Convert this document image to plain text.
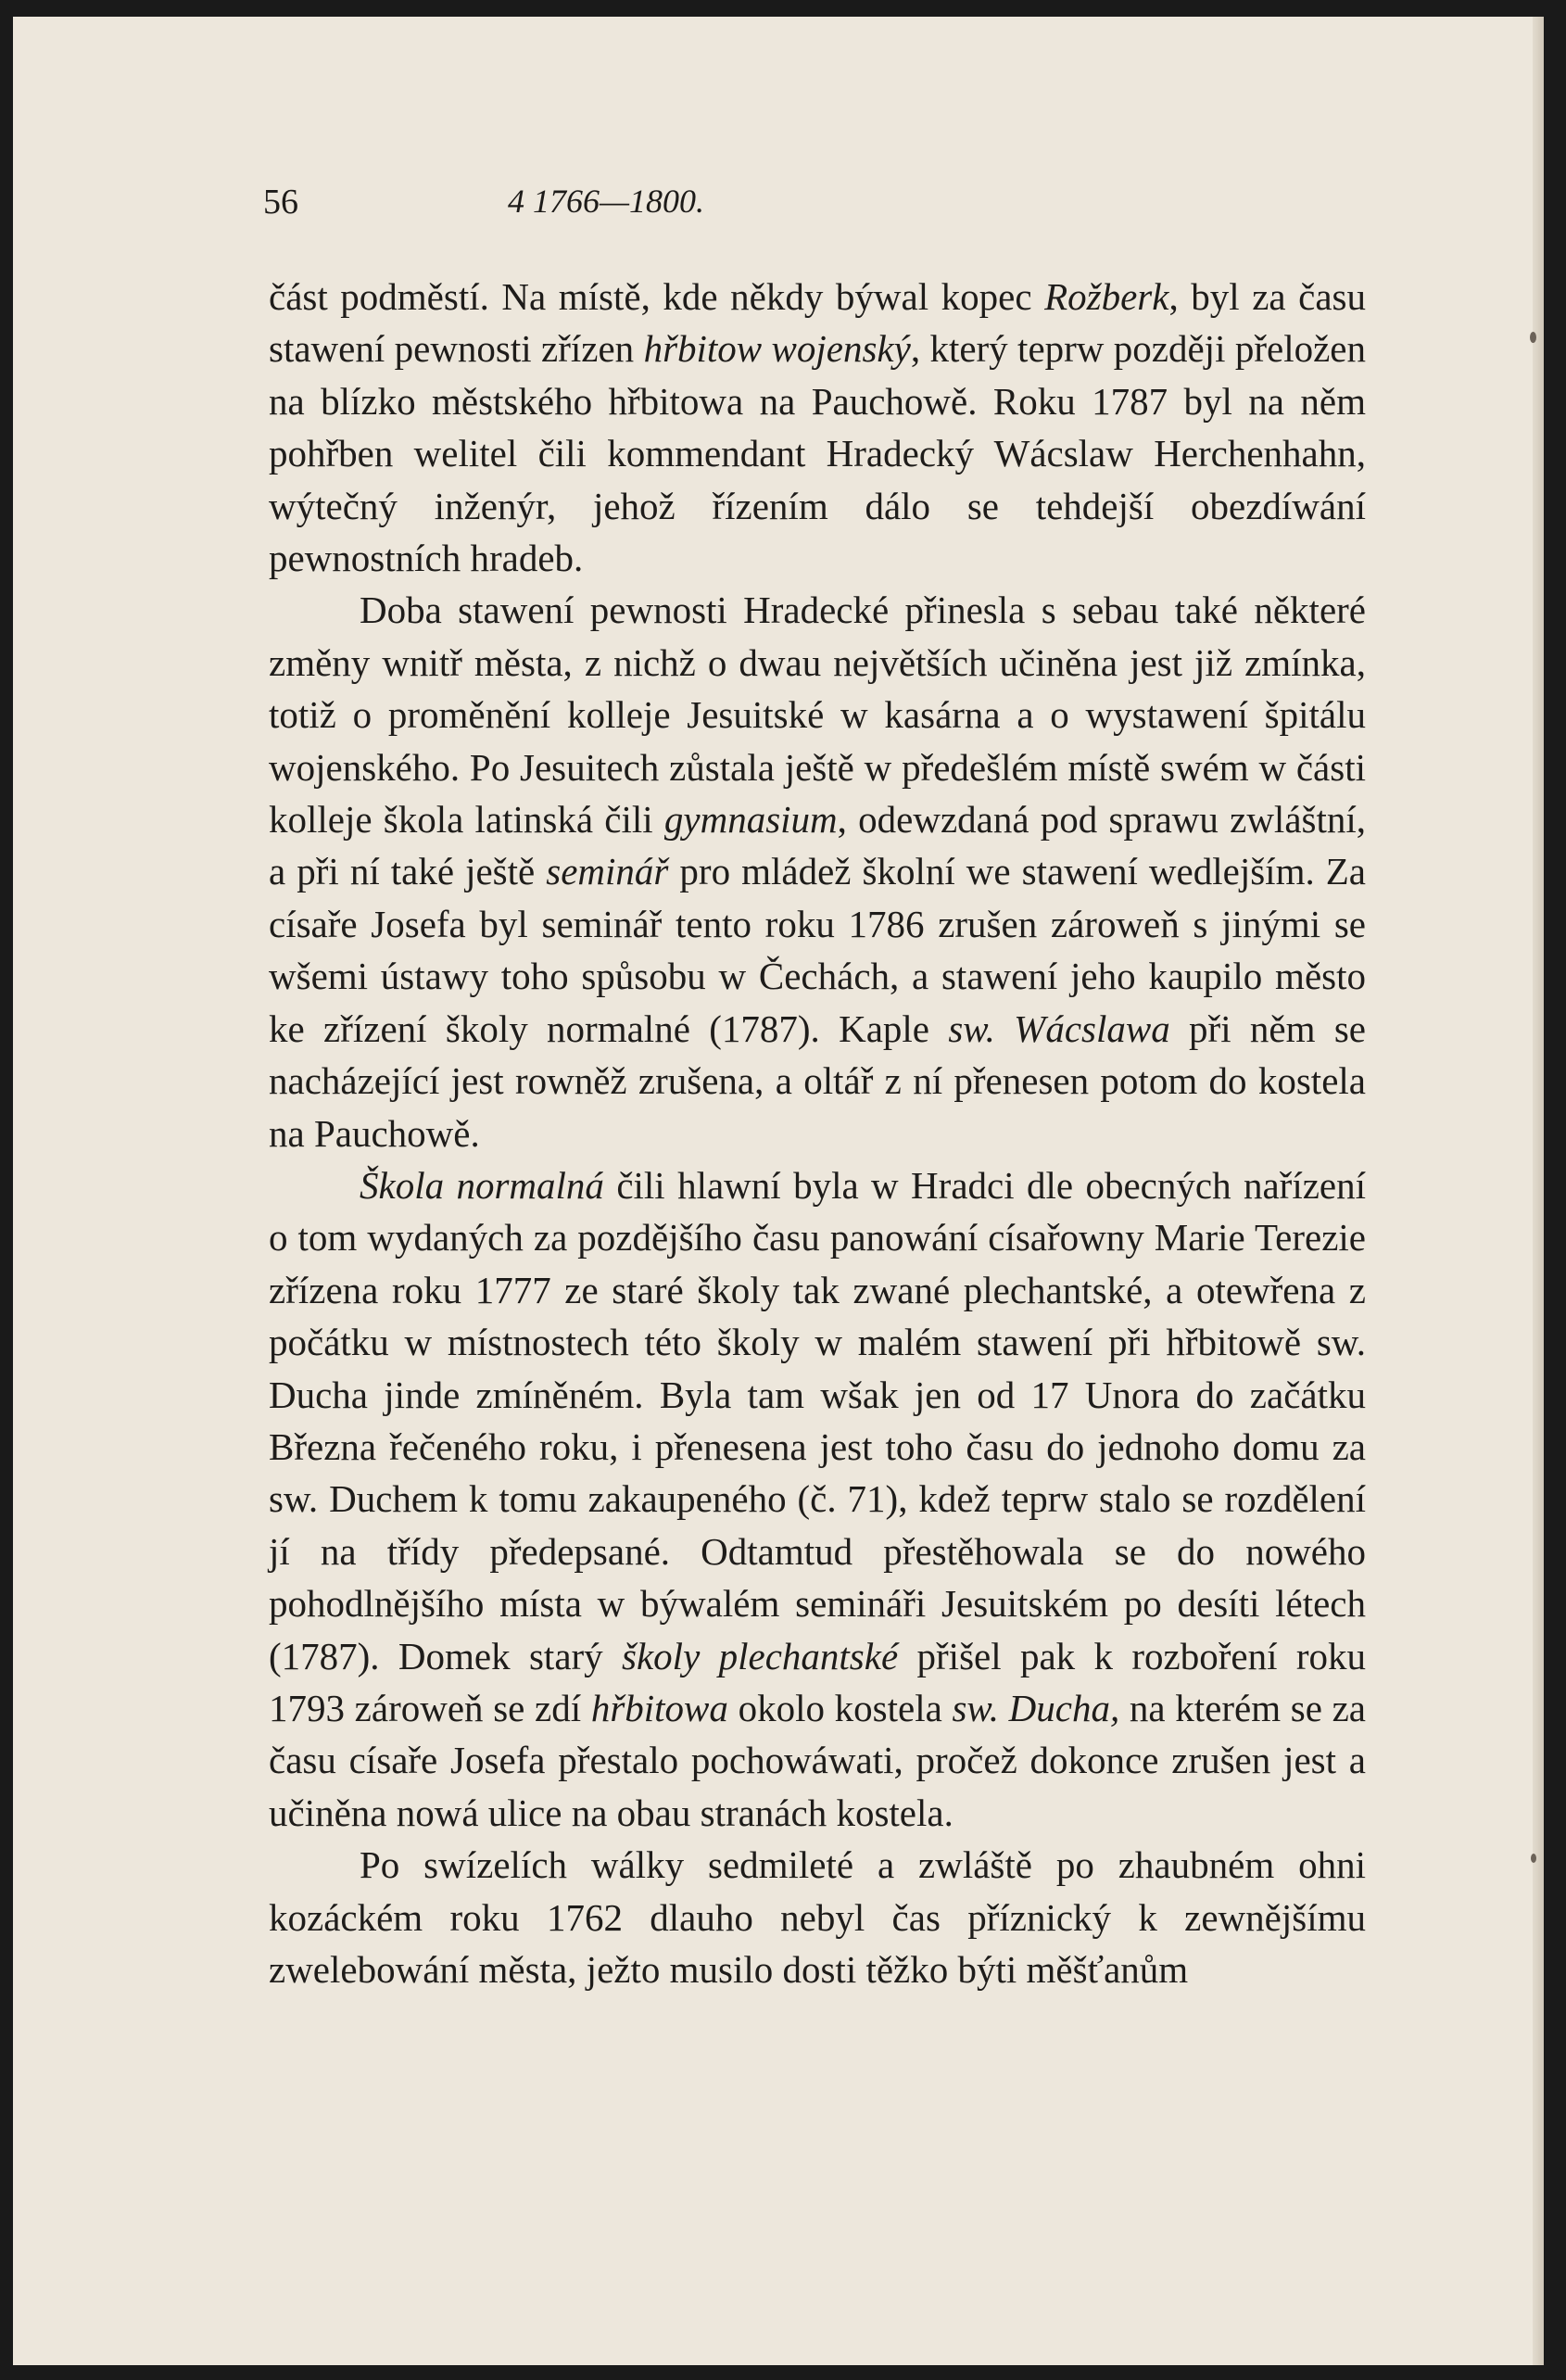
56	4 1766—1800.

část podměstí. Na místě, kde někdy býwal kopec Rožberk, byl za času stawení pewnosti zřízen hřbitow wojenský, který teprw později přeložen na blízko městského hřbitowa na Pauchowě. Roku 1787 byl na něm pohřben welitel čili kommendant Hradecký Wácslaw Herchenhahn, wýtečný inženýr, jehož řízením dálo se tehdejší obezdíwání pewnostních hradeb.

Doba stawení pewnosti Hradecké přinesla s sebau také některé změny wnitř města, z nichž o dwau největších učiněna jest již zmínka, totiž o proměnění kolleje Jesuitské w kasárna a o wystawení špitálu wojenského. Po Jesuitech zůstala ještě w předešlém místě swém w části kolleje škola latinská čili gymnasium, odewzdaná pod sprawu zwláštní, a při ní také ještě seminář pro mládež školní we stawení wedlejším. Za císaře Josefa byl seminář tento roku 1786 zrušen zároweň s jinými se wšemi ústawy toho spůsobu w Čechách, a stawení jeho kaupilo město ke zřízení školy normalné (1787). Kaple sw. Wácslawa při něm se nacházející jest rowněž zrušena, a oltář z ní přenesen potom do kostela na Pauchowě.

Škola normalná čili hlawní byla w Hradci dle obecných nařízení o tom wydaných za pozdějšího času panowání císařowny Marie Terezie zřízena roku 1777 ze staré školy tak zwané plechantské, a otewřena z počátku w místnostech této školy w malém stawení při hřbitowě sw. Ducha jinde zmíněném. Byla tam wšak jen od 17 Unora do začátku Března řečeného roku, i přenesena jest toho času do jednoho domu za sw. Duchem k tomu zakaupeného (č. 71), kdež teprw stalo se rozdělení jí na třídy předepsané. Odtamtud přestěhowala se do nowého pohodlnějšího místa w býwalém semináři Jesuitském po desíti létech (1787). Domek starý školy plechantské přišel pak k rozboření roku 1793 zároweň se zdí hřbitowa okolo kostela sw. Ducha, na kterém se za času císaře Josefa přestalo pochowáwati, pročež dokonce zrušen jest a učiněna nowá ulice na obau stranách kostela.

Po swízelích wálky sedmileté a zwláště po zhaubném ohni kozáckém roku 1762 dlauho nebyl čas příznický k zewnějšímu zwelebowání města, ježto musilo dosti těžko býti měšťanům
